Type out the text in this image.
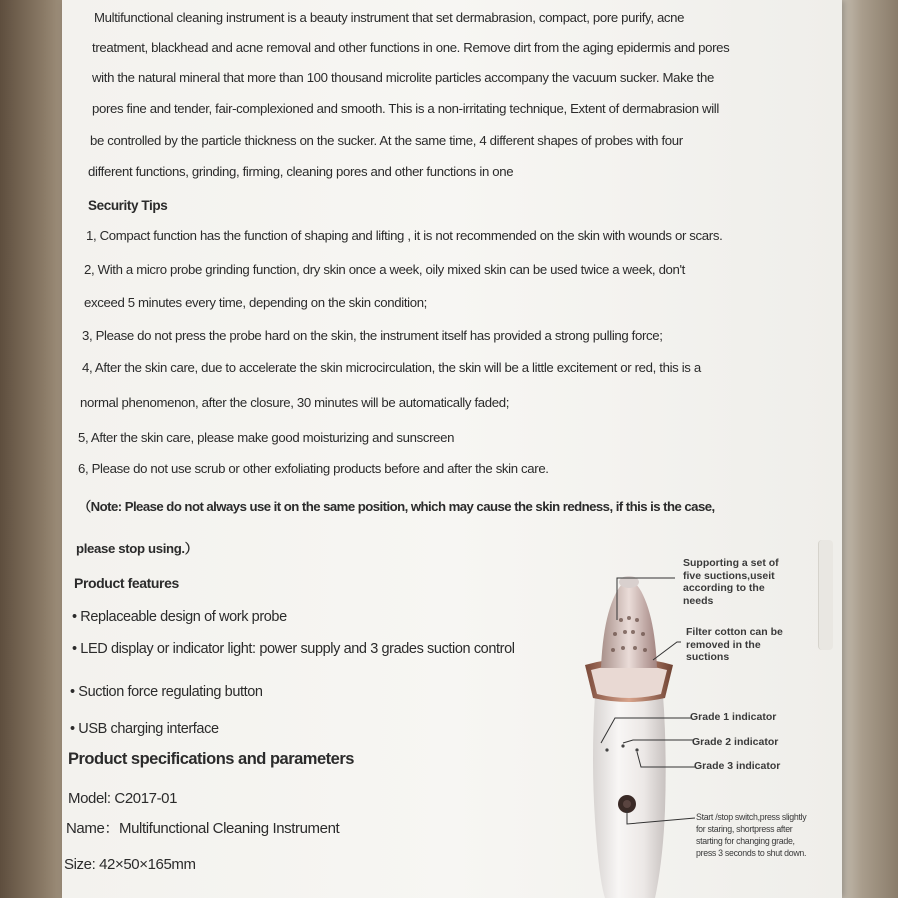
Multifunctional cleaning instrument is a beauty instrument that set dermabrasion, compact, pore purify, acne
treatment, blackhead and acne removal and other functions in one. Remove dirt from the aging epidermis and pores
with the natural mineral that more than 100 thousand microlite particles accompany the vacuum sucker. Make the
pores fine and tender, fair-complexioned and smooth. This is a non-irritating technique, Extent of dermabrasion will
be controlled by the particle thickness on the sucker. At the same time, 4 different shapes of probes with four
different functions, grinding, firming, cleaning pores and other functions in one
Security Tips
1, Compact function has the function of shaping and lifting , it is not recommended on the skin with wounds or scars.
2, With a micro probe grinding function, dry skin once a week, oily mixed skin can be used twice a week, don't
exceed 5 minutes every time, depending on the skin condition;
3, Please do not press the probe hard on the skin, the instrument itself has provided a strong pulling force;
4, After the skin care, due to accelerate the skin microcirculation, the skin will be a little excitement or red, this is a
normal phenomenon, after the closure, 30 minutes will be automatically faded;
5, After the skin care, please make good moisturizing and sunscreen
6, Please do not use scrub or other exfoliating products before and after the skin care.
（Note: Please do not always use it on the same position, which may cause the skin redness, if this is the case,
please stop using.）
Product features
• Replaceable design of work probe
• LED display or indicator light: power supply and 3 grades suction control
• Suction force regulating button
• USB charging interface
Product specifications and parameters
Model: C2017-01
Name：Multifunctional Cleaning Instrument
Size: 42×50×165mm
Supporting a set of
five suctions,useit
according to the
needs
Filter cotton can be
removed in the
suctions
Grade 1 indicator
Grade 2 indicator
Grade 3 indicator
Start /stop switch,press slightly
for staring, shortpress after
starting for changing grade,
press 3 seconds to shut down.
